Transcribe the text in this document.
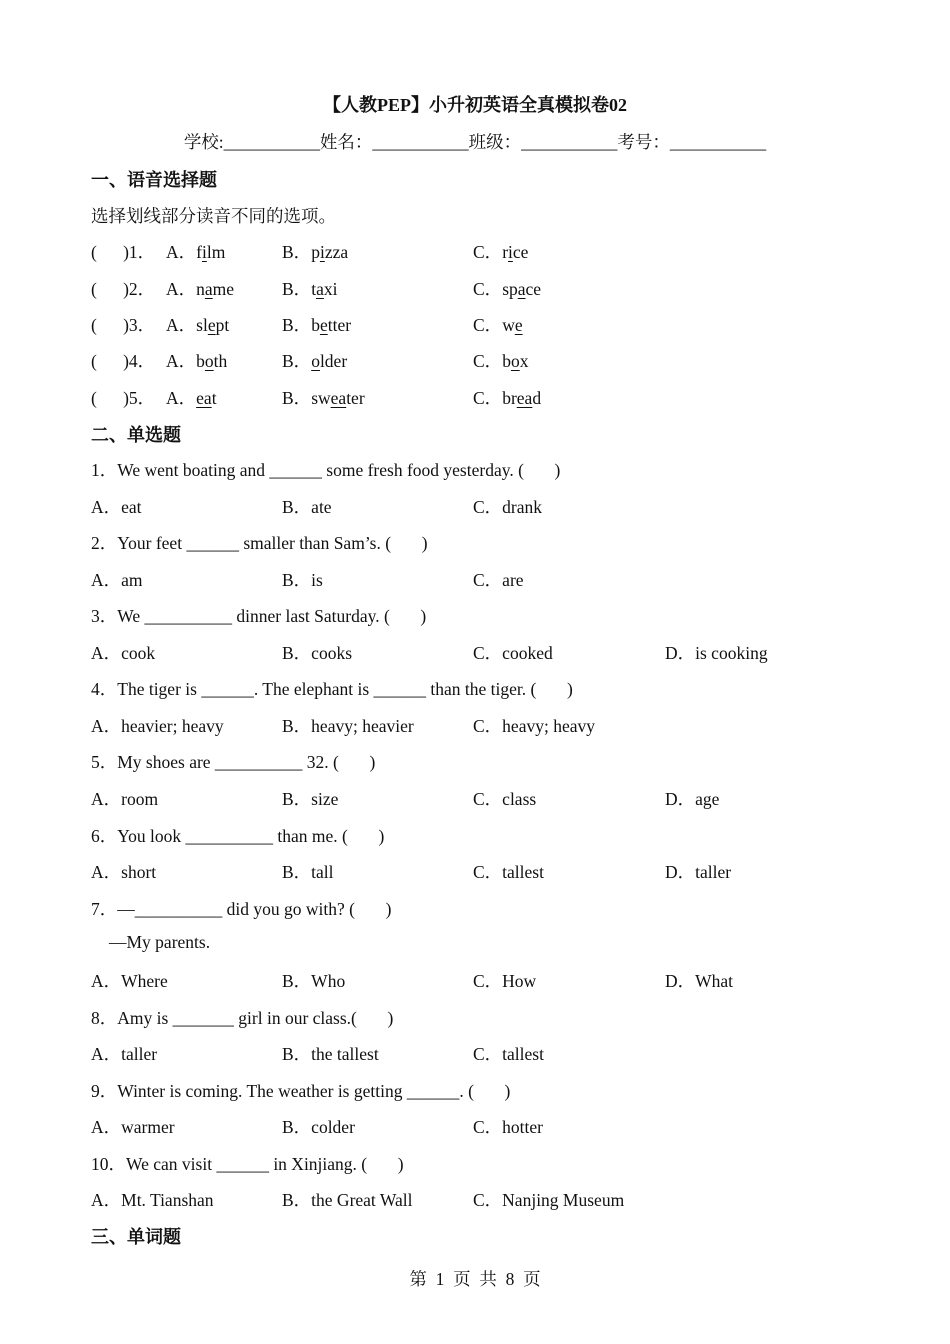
【人教PEP】小升初英语全真模拟卷02
学校:___________姓名：___________班级：___________考号：___________
一、语音选择题
选择划线部分读音不同的选项。
(      )1． A．film	B．pizza	C．rice
(      )2． A．name	B．taxi	C．space
(      )3． A．slept	B．better	C．we
(      )4． A．both	B．older	C．box
(      )5． A．eat	B．sweater	C．bread
二、单选题
1．We went boating and ______ some fresh food yesterday. (       )
A．eat	B．ate	C．drank
2．Your feet ______ smaller than Sam’s. (       )
A．am	B．is	C．are
3．We __________ dinner last Saturday. (       )
A．cook	B．cooks	C．cooked	D．is cooking
4．The tiger is ______. The elephant is ______ than the tiger. (       )
A．heavier; heavy	B．heavy; heavier	C．heavy; heavy
5．My shoes are __________ 32. (       )
A．room	B．size	C．class	D．age
6．You look __________ than me. (       )
A．short	B．tall	C．tallest	D．taller
7．—__________ did you go with? (       )
—My parents.
A．Where	B．Who	C．How	D．What
8．Amy is _______ girl in our class.(       )
A．taller	B．the tallest	C．tallest
9．Winter is coming. The weather is getting ______. (       )
A．warmer	B．colder	C．hotter
10．We can visit ______ in Xinjiang. (       )
A．Mt. Tianshan	B．the Great Wall	C．Nanjing Museum
三、单词题
第  1  页  共  8  页
